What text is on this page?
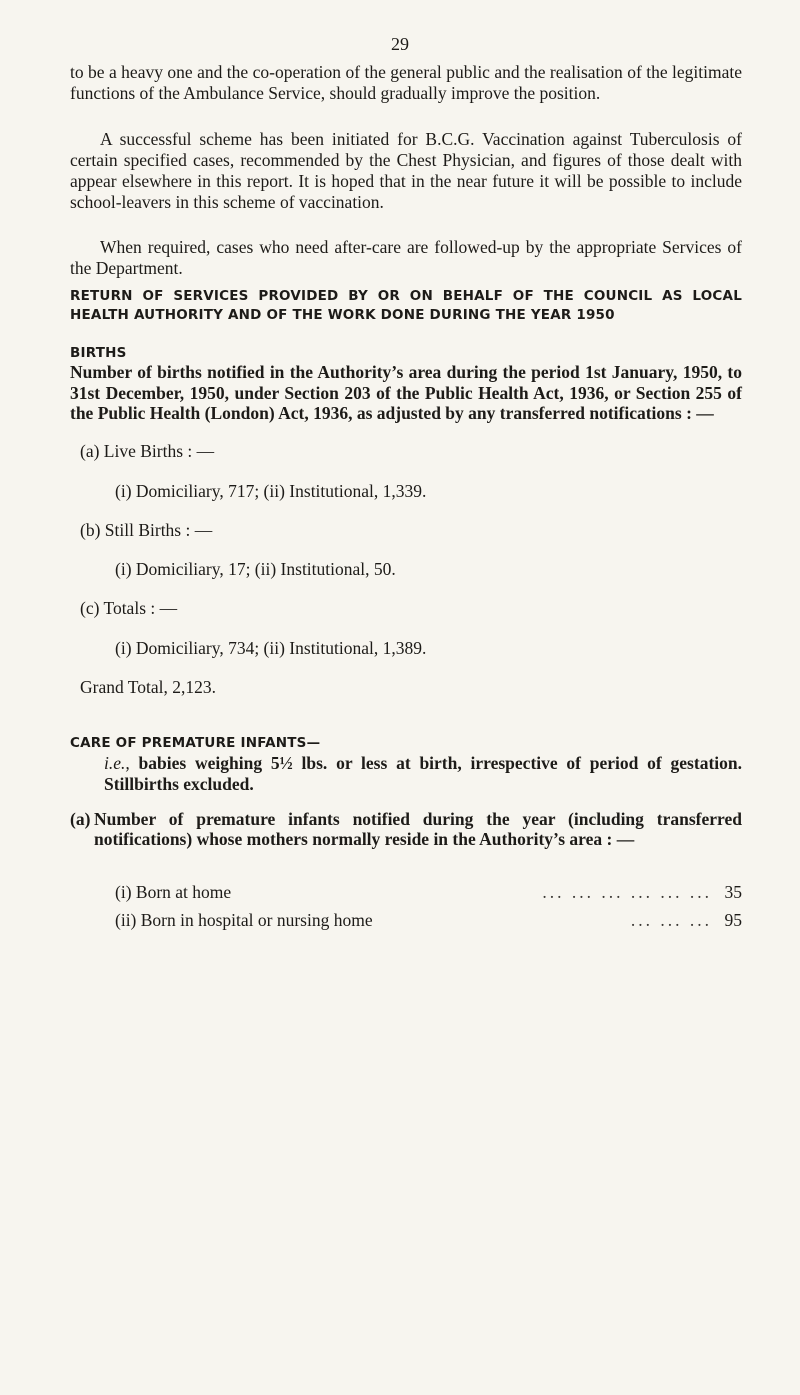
29
to be a heavy one and the co-operation of the general public and the realisation of the legitimate functions of the Ambulance Service, should gradually improve the position.
A successful scheme has been initiated for B.C.G. Vaccination against Tuberculosis of certain specified cases, recommended by the Chest Physician, and figures of those dealt with appear elsewhere in this report. It is hoped that in the near future it will be possible to include school-leavers in this scheme of vaccination.
When required, cases who need after-care are followed-up by the appropriate Services of the Department.
RETURN OF SERVICES PROVIDED BY OR ON BEHALF OF THE COUNCIL AS LOCAL HEALTH AUTHORITY AND OF THE WORK DONE DURING THE YEAR 1950
BIRTHS
Number of births notified in the Authority’s area during the period 1st January, 1950, to 31st December, 1950, under Section 203 of the Public Health Act, 1936, or Section 255 of the Public Health (London) Act, 1936, as adjusted by any transferred notifications : —
(a) Live Births : —
(i) Domiciliary, 717; (ii) Institutional, 1,339.
(b) Still Births : —
(i) Domiciliary, 17; (ii) Institutional, 50.
(c) Totals : —
(i) Domiciliary, 734; (ii) Institutional, 1,389.
Grand Total, 2,123.
CARE OF PREMATURE INFANTS—
i.e., babies weighing 5½ lbs. or less at birth, irrespective of period of gestation. Stillbirths excluded.
(a) Number of premature infants notified during the year (including transferred notifications) whose mothers normally reside in the Authority’s area : —
(i) Born at home	... ... ... ... ... ... 35
(ii) Born in hospital or nursing home	... ... ... 95
